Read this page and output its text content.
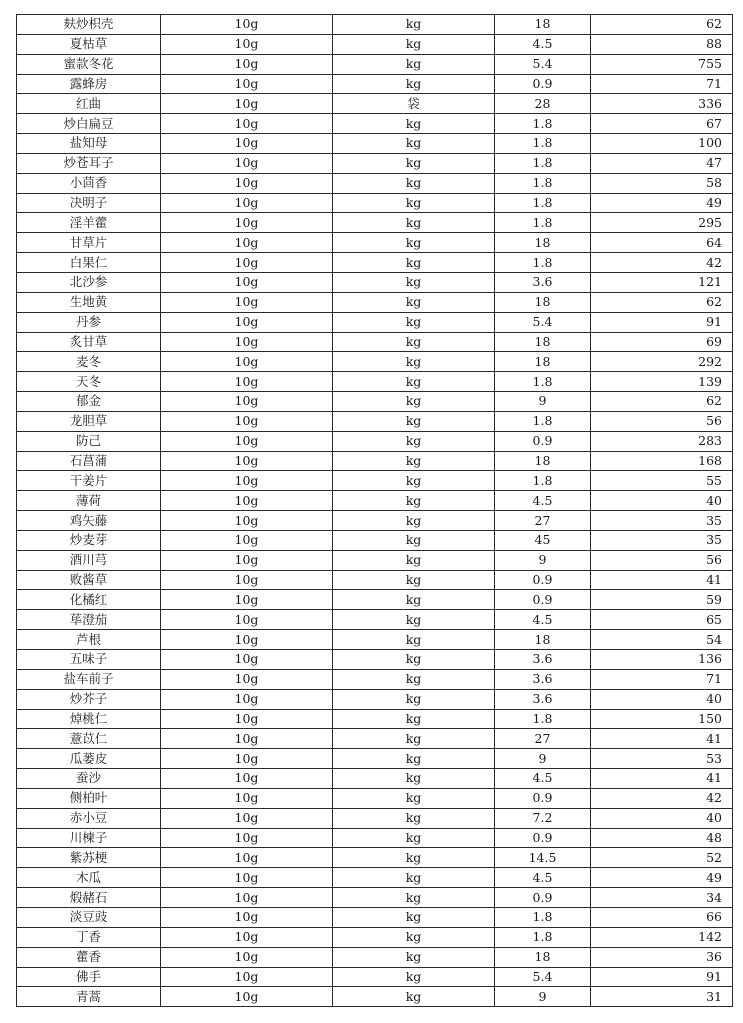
麸炒枳壳	10g	kg	18	62
夏枯草	10g	kg	4.5	88
蜜款冬花	10g	kg	5.4	755
露蜂房	10g	kg	0.9	71
红曲	10g	袋	28	336
炒白扁豆	10g	kg	1.8	67
盐知母	10g	kg	1.8	100
炒苍耳子	10g	kg	1.8	47
小茴香	10g	kg	1.8	58
决明子	10g	kg	1.8	49
淫羊藿	10g	kg	1.8	295
甘草片	10g	kg	18	64
白果仁	10g	kg	1.8	42
北沙参	10g	kg	3.6	121
生地黄	10g	kg	18	62
丹参	10g	kg	5.4	91
炙甘草	10g	kg	18	69
麦冬	10g	kg	18	292
天冬	10g	kg	1.8	139
郁金	10g	kg	9	62
龙胆草	10g	kg	1.8	56
防己	10g	kg	0.9	283
石菖蒲	10g	kg	18	168
干姜片	10g	kg	1.8	55
薄荷	10g	kg	4.5	40
鸡矢藤	10g	kg	27	35
炒麦芽	10g	kg	45	35
酒川芎	10g	kg	9	56
败酱草	10g	kg	0.9	41
化橘红	10g	kg	0.9	59
荜澄茄	10g	kg	4.5	65
芦根	10g	kg	18	54
五味子	10g	kg	3.6	136
盐车前子	10g	kg	3.6	71
炒芥子	10g	kg	3.6	40
焯桃仁	10g	kg	1.8	150
薏苡仁	10g	kg	27	41
瓜蒌皮	10g	kg	9	53
蚕沙	10g	kg	4.5	41
侧柏叶	10g	kg	0.9	42
赤小豆	10g	kg	7.2	40
川楝子	10g	kg	0.9	48
紫苏梗	10g	kg	14.5	52
木瓜	10g	kg	4.5	49
煅赭石	10g	kg	0.9	34
淡豆豉	10g	kg	1.8	66
丁香	10g	kg	1.8	142
藿香	10g	kg	18	36
佛手	10g	kg	5.4	91
青蒿	10g	kg	9	31
